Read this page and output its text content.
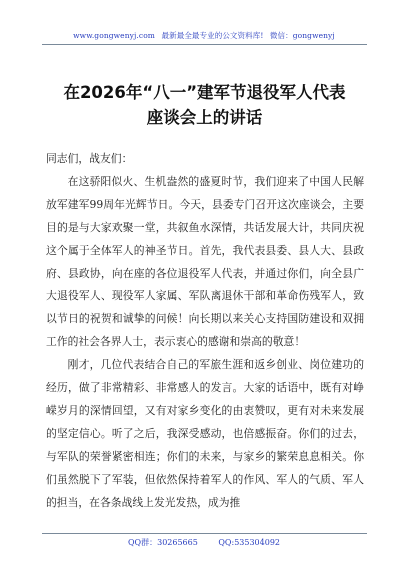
www.gongwenyj.com 最新最全最专业的公文资料库! 微信：gongwenyj
在2026年“八一”建军节退役军人代表
座谈会上的讲话

同志们，战友们：

在这骄阳似火、生机盎然的盛夏时节，我们迎来了中国人民解放军建军99周年光辉节日。今天，县委专门召开这次座谈会，主要目的是与大家欢聚一堂，共叙鱼水深情，共话发展大计，共同庆祝这个属于全体军人的神圣节日。首先，我代表县委、县人大、县政府、县政协，向在座的各位退役军人代表，并通过你们，向全县广大退役军人、现役军人家属、军队离退休干部和革命伤残军人，致以节日的祝贺和诚挚的问候！向长期以来关心支持国防建设和双拥工作的社会各界人士，表示衷心的感谢和崇高的敬意！

刚才，几位代表结合自己的军旅生涯和返乡创业、岗位建功的经历，做了非常精彩、非常感人的发言。大家的话语中，既有对峥嵘岁月的深情回望，又有对家乡变化的由衷赞叹，更有对未来发展的坚定信心。听了之后，我深受感动，也倍感振奋。你们的过去，与军队的荣誉紧密相连；你们的未来，与家乡的繁荣息息相关。你们虽然脱下了军装，但依然保持着军人的作风、军人的气质、军人的担当，在各条战线上发光发热，成为推

QQ群：30265665	QQ:535304092
